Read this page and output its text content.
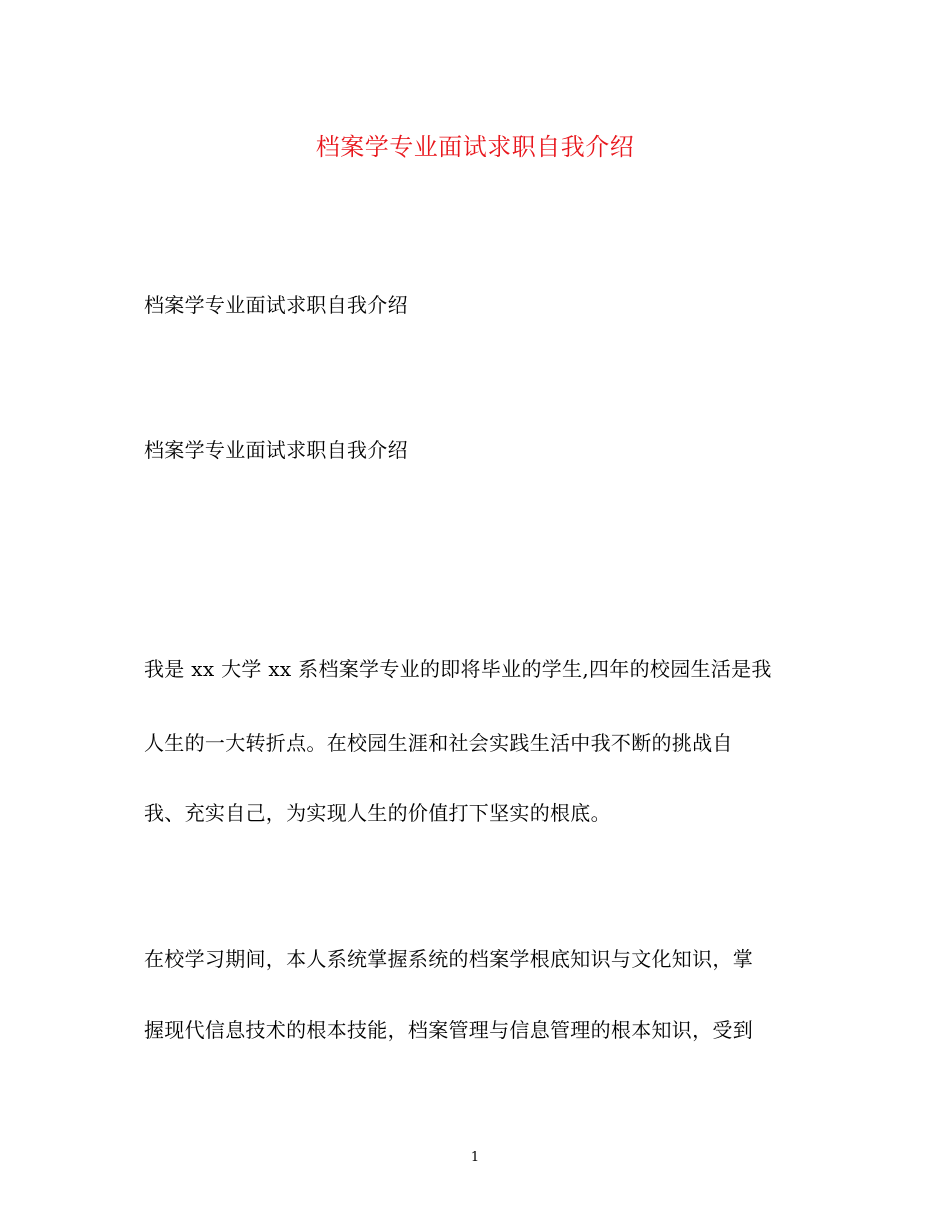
档案学专业面试求职自我介绍
档案学专业面试求职自我介绍
档案学专业面试求职自我介绍
我是 xx 大学 xx 系档案学专业的即将毕业的学生,四年的校园生活是我
人生的一大转折点。在校园生涯和社会实践生活中我不断的挑战自
我、充实自己，为实现人生的价值打下坚实的根底。
在校学习期间，本人系统掌握系统的档案学根底知识与文化知识，掌
握现代信息技术的根本技能，档案管理与信息管理的根本知识，受到
1
